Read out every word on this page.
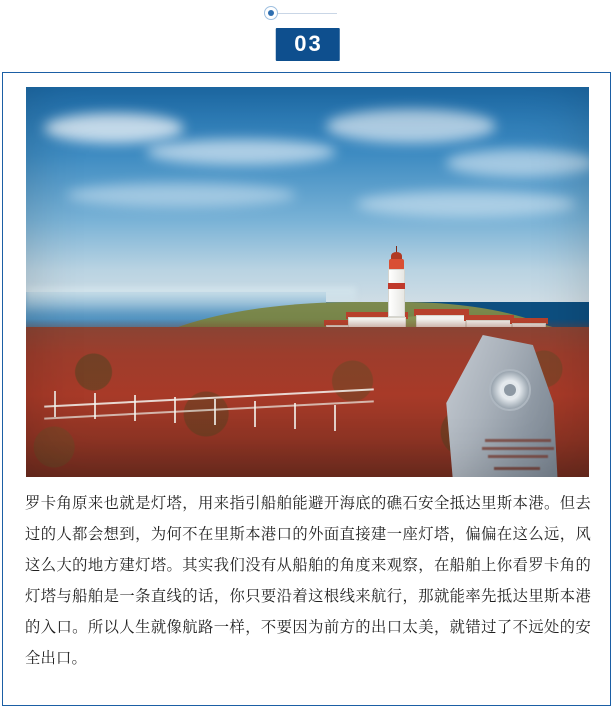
03
罗卡角原来也就是灯塔，用来指引船舶能避开海底的礁石安全抵达里斯本港。但去过的人都会想到，为何不在里斯本港口的外面直接建一座灯塔，偏偏在这么远，风这么大的地方建灯塔。其实我们没有从船舶的角度来观察，在船舶上你看罗卡角的灯塔与船舶是一条直线的话，你只要沿着这根线来航行，那就能率先抵达里斯本港的入口。所以人生就像航路一样，不要因为前方的出口太美，就错过了不远处的安全出口。
